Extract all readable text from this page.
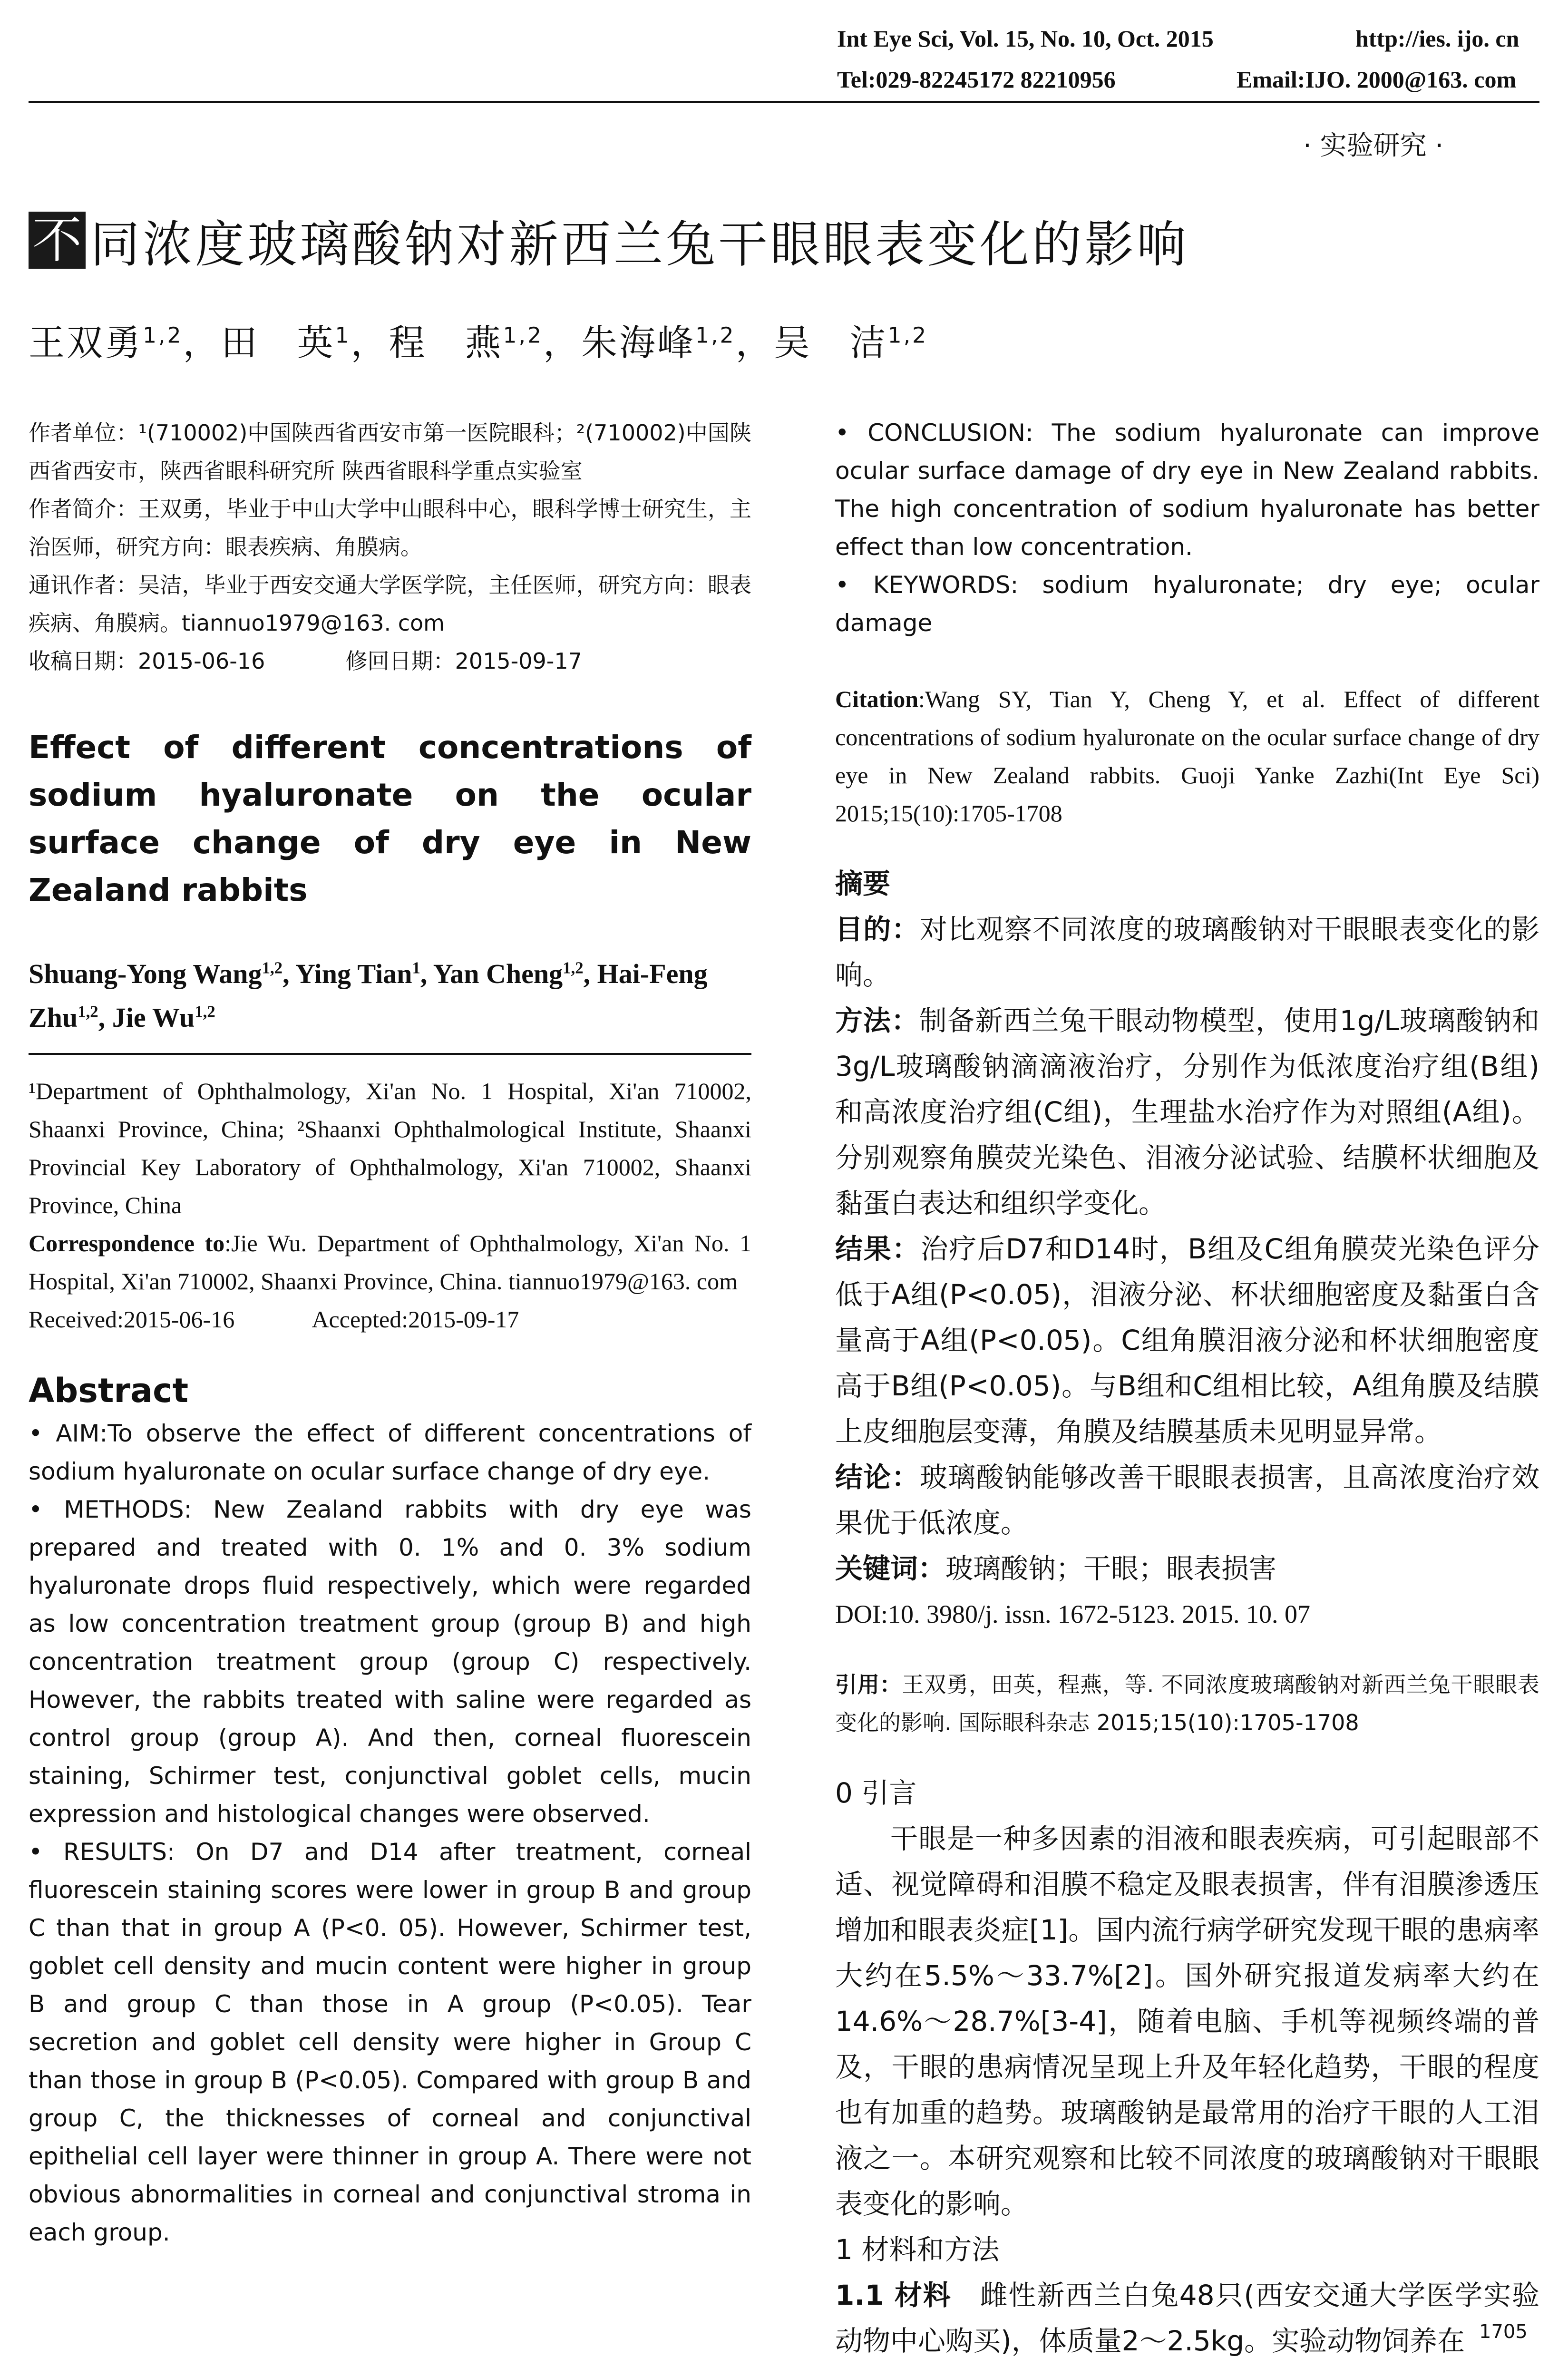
Int Eye Sci, Vol. 15, No. 10, Oct. 2015	http://ies. ijo. cn
Tel:029-82245172 82210956	Email:IJO. 2000@163. com
· 实验研究 ·
不 同浓度玻璃酸钠对新西兰兔干眼眼表变化的影响
王双勇$^{1,2}$，田　英$^1$，程　燕$^{1,2}$，朱海峰$^{1,2}$，吴　洁$^{1,2}$

作者单位：¹(710002)中国陕西省西安市第一医院眼科；²(710002)中国陕西省西安市，陕西省眼科研究所 陕西省眼科学重点实验室

作者简介：王双勇，毕业于中山大学中山眼科中心，眼科学博士研究生，主治医师，研究方向：眼表疾病、角膜病。

通讯作者：吴洁，毕业于西安交通大学医学院，主任医师，研究方向：眼表疾病、角膜病。tiannuo1979@163. com

收稿日期：2015-06-16	修回日期：2015-09-17

Effect of different concentrations of sodium hyaluronate on the ocular surface change of dry eye in New Zealand rabbits

Shuang-Yong Wang$^{1,2}$, Ying Tian$^1$, Yan Cheng$^{1,2}$, Hai-Feng Zhu$^{1,2}$, Jie Wu$^{1,2}$

¹Department of Ophthalmology, Xi'an No. 1 Hospital, Xi'an 710002, Shaanxi Province, China; ²Shaanxi Ophthalmological Institute, Shaanxi Provincial Key Laboratory of Ophthalmology, Xi'an 710002, Shaanxi Province, China

Correspondence to:Jie Wu. Department of Ophthalmology, Xi'an No. 1 Hospital, Xi'an 710002, Shaanxi Province, China. tiannuo1979@163. com

Received:2015-06-16	Accepted:2015-09-17

Abstract

• AIM:To observe the effect of different concentrations of sodium hyaluronate on ocular surface change of dry eye.

• METHODS: New Zealand rabbits with dry eye was prepared and treated with 0. 1% and 0. 3% sodium hyaluronate drops fluid respectively, which were regarded as low concentration treatment group (group B) and high concentration treatment group (group C) respectively. However, the rabbits treated with saline were regarded as control group (group A). And then, corneal fluorescein staining, Schirmer test, conjunctival goblet cells, mucin expression and histological changes were observed.

• RESULTS: On D7 and D14 after treatment, corneal fluorescein staining scores were lower in group B and group C than that in group A (P<0. 05). However, Schirmer test, goblet cell density and mucin content were higher in group B and group C than those in A group (P<0.05). Tear secretion and goblet cell density were higher in Group C than those in group B (P<0.05). Compared with group B and group C, the thicknesses of corneal and conjunctival epithelial cell layer were thinner in group A. There were not obvious abnormalities in corneal and conjunctival stroma in each group.

• CONCLUSION: The sodium hyaluronate can improve ocular surface damage of dry eye in New Zealand rabbits. The high concentration of sodium hyaluronate has better effect than low concentration.

• KEYWORDS: sodium hyaluronate; dry eye; ocular damage

Citation:Wang SY, Tian Y, Cheng Y, et al. Effect of different concentrations of sodium hyaluronate on the ocular surface change of dry eye in New Zealand rabbits. Guoji Yanke Zazhi(Int Eye Sci) 2015;15(10):1705-1708

摘要

目的：对比观察不同浓度的玻璃酸钠对干眼眼表变化的影响。

方法：制备新西兰兔干眼动物模型，使用1g/L玻璃酸钠和3g/L玻璃酸钠滴滴液治疗，分别作为低浓度治疗组(B组)和高浓度治疗组(C组)，生理盐水治疗作为对照组(A组)。分别观察角膜荧光染色、泪液分泌试验、结膜杯状细胞及黏蛋白表达和组织学变化。

结果：治疗后D7和D14时，B组及C组角膜荧光染色评分低于A组(P<0.05)，泪液分泌、杯状细胞密度及黏蛋白含量高于A组(P<0.05)。C组角膜泪液分泌和杯状细胞密度高于B组(P<0.05)。与B组和C组相比较，A组角膜及结膜上皮细胞层变薄，角膜及结膜基质未见明显异常。

结论：玻璃酸钠能够改善干眼眼表损害，且高浓度治疗效果优于低浓度。

关键词：玻璃酸钠；干眼；眼表损害

DOI:10. 3980/j. issn. 1672-5123. 2015. 10. 07

引用：王双勇，田英，程燕，等. 不同浓度玻璃酸钠对新西兰兔干眼眼表变化的影响. 国际眼科杂志 2015;15(10):1705-1708

0 引言

干眼是一种多因素的泪液和眼表疾病，可引起眼部不适、视觉障碍和泪膜不稳定及眼表损害，伴有泪膜渗透压增加和眼表炎症[1]。国内流行病学研究发现干眼的患病率大约在5.5%～33.7%[2]。国外研究报道发病率大约在14.6%～28.7%[3-4]，随着电脑、手机等视频终端的普及，干眼的患病情况呈现上升及年轻化趋势，干眼的程度也有加重的趋势。玻璃酸钠是最常用的治疗干眼的人工泪液之一。本研究观察和比较不同浓度的玻璃酸钠对干眼眼表变化的影响。

1 材料和方法

1.1 材料　雌性新西兰白兔48只(西安交通大学医学实验动物中心购买)，体质量2～2.5kg。实验动物饲养在 1705
